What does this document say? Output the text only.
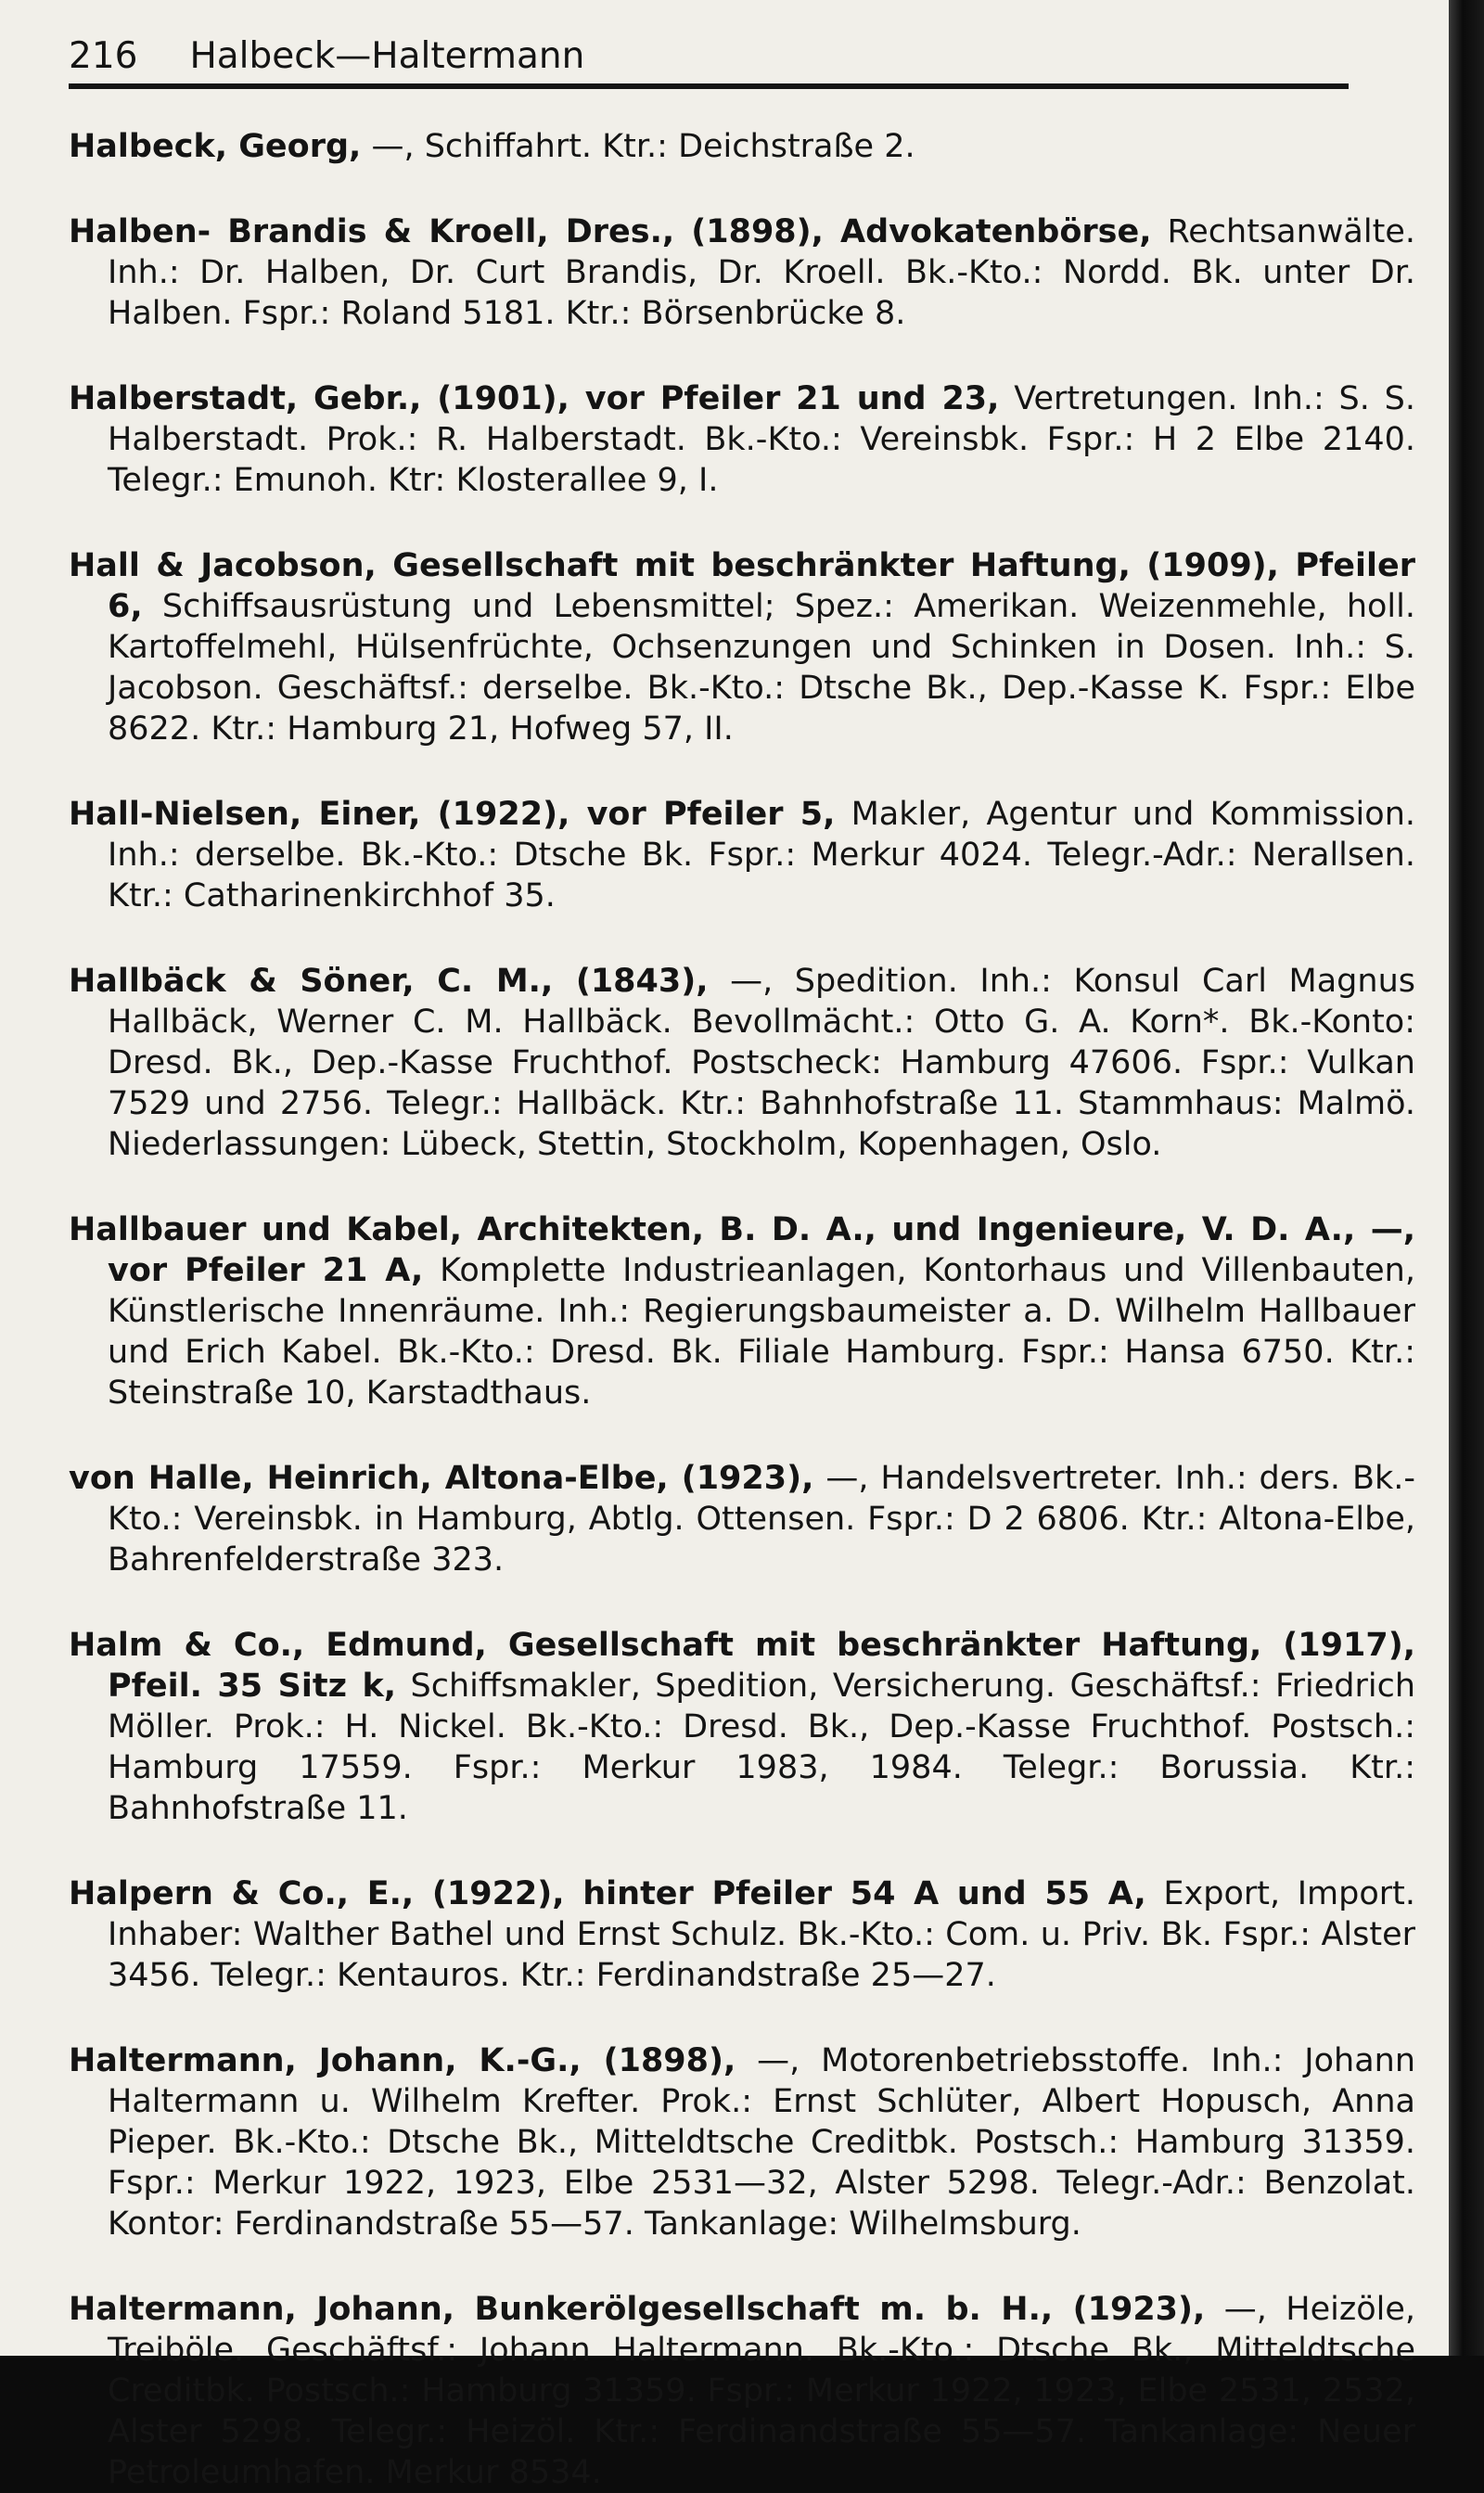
216 Halbeck—Haltermann

Halbeck, Georg, —, Schiffahrt. Ktr.: Deichstraße 2.

Halben- Brandis & Kroell, Dres., (1898), Advokatenbörse, Rechtsanwälte. Inh.: Dr. Halben, Dr. Curt Brandis, Dr. Kroell. Bk.-Kto.: Nordd. Bk. unter Dr. Halben. Fspr.: Roland 5181. Ktr.: Börsenbrücke 8.

Halberstadt, Gebr., (1901), vor Pfeiler 21 und 23, Vertretungen. Inh.: S. S. Halberstadt. Prok.: R. Halberstadt. Bk.-Kto.: Vereinsbk. Fspr.: H 2 Elbe 2140. Telegr.: Emunoh. Ktr: Klosterallee 9, I.

Hall & Jacobson, Gesellschaft mit beschränkter Haftung, (1909), Pfeiler 6, Schiffsausrüstung und Lebensmittel; Spez.: Amerikan. Weizenmehle, holl. Kartoffelmehl, Hülsenfrüchte, Ochsenzungen und Schinken in Dosen. Inh.: S. Jacobson. Geschäftsf.: derselbe. Bk.-Kto.: Dtsche Bk., Dep.-Kasse K. Fspr.: Elbe 8622. Ktr.: Hamburg 21, Hofweg 57, II.

Hall-Nielsen, Einer, (1922), vor Pfeiler 5, Makler, Agentur und Kommission. Inh.: derselbe. Bk.-Kto.: Dtsche Bk. Fspr.: Merkur 4024. Telegr.-Adr.: Nerallsen. Ktr.: Catharinenkirchhof 35.

Hallbäck & Söner, C. M., (1843), —, Spedition. Inh.: Konsul Carl Magnus Hallbäck, Werner C. M. Hallbäck. Bevollmächt.: Otto G. A. Korn*. Bk.-Konto: Dresd. Bk., Dep.-Kasse Fruchthof. Postscheck: Hamburg 47606. Fspr.: Vulkan 7529 und 2756. Telegr.: Hallbäck. Ktr.: Bahnhofstraße 11. Stammhaus: Malmö. Niederlassungen: Lübeck, Stettin, Stockholm, Kopenhagen, Oslo.

Hallbauer und Kabel, Architekten, B. D. A., und Ingenieure, V. D. A., —, vor Pfeiler 21 A, Komplette Industrieanlagen, Kontorhaus und Villenbauten, Künstlerische Innenräume. Inh.: Regierungsbaumeister a. D. Wilhelm Hallbauer und Erich Kabel. Bk.-Kto.: Dresd. Bk. Filiale Hamburg. Fspr.: Hansa 6750. Ktr.: Steinstraße 10, Karstadthaus.

von Halle, Heinrich, Altona-Elbe, (1923), —, Handelsvertreter. Inh.: ders. Bk.-Kto.: Vereinsbk. in Hamburg, Abtlg. Ottensen. Fspr.: D 2 6806. Ktr.: Altona-Elbe, Bahrenfelderstraße 323.

Halm & Co., Edmund, Gesellschaft mit beschränkter Haftung, (1917), Pfeil. 35 Sitz k, Schiffsmakler, Spedition, Versicherung. Geschäftsf.: Friedrich Möller. Prok.: H. Nickel. Bk.-Kto.: Dresd. Bk., Dep.-Kasse Fruchthof. Postsch.: Hamburg 17559. Fspr.: Merkur 1983, 1984. Telegr.: Borussia. Ktr.: Bahnhofstraße 11.

Halpern & Co., E., (1922), hinter Pfeiler 54 A und 55 A, Export, Import. Inhaber: Walther Bathel und Ernst Schulz. Bk.-Kto.: Com. u. Priv. Bk. Fspr.: Alster 3456. Telegr.: Kentauros. Ktr.: Ferdinandstraße 25—27.

Haltermann, Johann, K.-G., (1898), —, Motorenbetriebsstoffe. Inh.: Johann Haltermann u. Wilhelm Krefter. Prok.: Ernst Schlüter, Albert Hopusch, Anna Pieper. Bk.-Kto.: Dtsche Bk., Mitteldtsche Creditbk. Postsch.: Hamburg 31359. Fspr.: Merkur 1922, 1923, Elbe 2531—32, Alster 5298. Telegr.-Adr.: Benzolat. Kontor: Ferdinandstraße 55—57. Tankanlage: Wilhelmsburg.

Haltermann, Johann, Bunkerölgesellschaft m. b. H., (1923), —, Heizöle, Treiböle. Geschäftsf.: Johann Haltermann. Bk.-Kto.: Dtsche Bk., Mitteldtsche Creditbk. Postsch.: Hamburg 31359. Fspr.: Merkur 1922, 1923, Elbe 2531, 2532, Alster 5298. Telegr.: Heizöl. Ktr.: Ferdinandstraße 55—57. Tankanlage: Neuer Petroleumhafen. Merkur 8534.
